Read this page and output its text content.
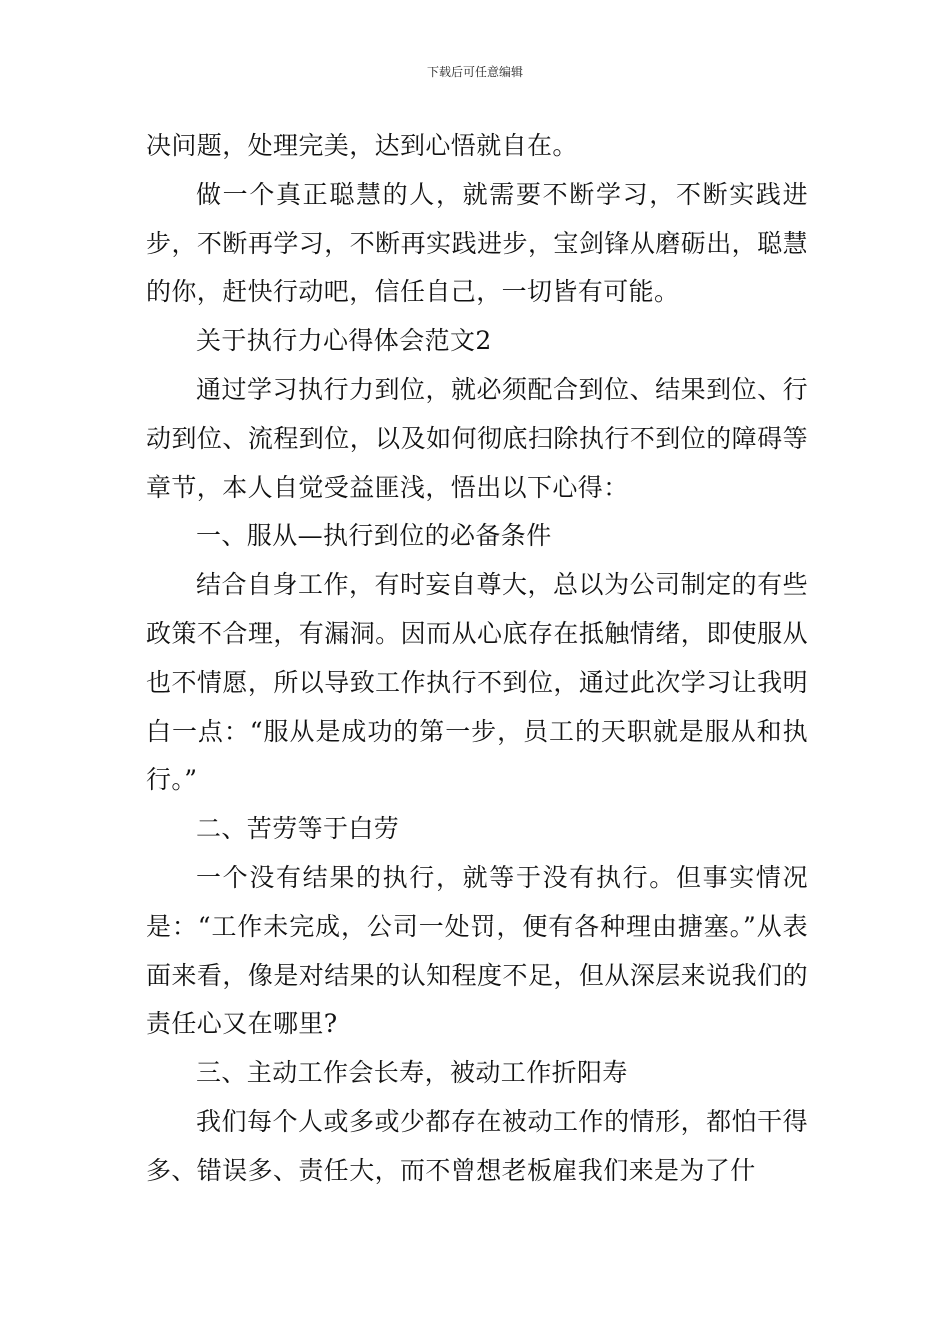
下载后可任意编辑

决问题，处理完美，达到心悟就自在。

做一个真正聪慧的人，就需要不断学习，不断实践进步，不断再学习，不断再实践进步，宝剑锋从磨砺出，聪慧的你，赶快行动吧，信任自己，一切皆有可能。

关于执行力心得体会范文2

通过学习执行力到位，就必须配合到位、结果到位、行动到位、流程到位，以及如何彻底扫除执行不到位的障碍等章节，本人自觉受益匪浅，悟出以下心得：

一、服从—执行到位的必备条件

结合自身工作，有时妄自尊大，总以为公司制定的有些政策不合理，有漏洞。因而从心底存在抵触情绪，即使服从也不情愿，所以导致工作执行不到位，通过此次学习让我明白一点：“服从是成功的第一步，员工的天职就是服从和执行。”

二、苦劳等于白劳

一个没有结果的执行，就等于没有执行。但事实情况是：“工作未完成，公司一处罚，便有各种理由搪塞。”从表面来看，像是对结果的认知程度不足，但从深层来说我们的责任心又在哪里?

三、主动工作会长寿，被动工作折阳寿

我们每个人或多或少都存在被动工作的情形，都怕干得多、错误多、责任大，而不曾想老板雇我们来是为了什
